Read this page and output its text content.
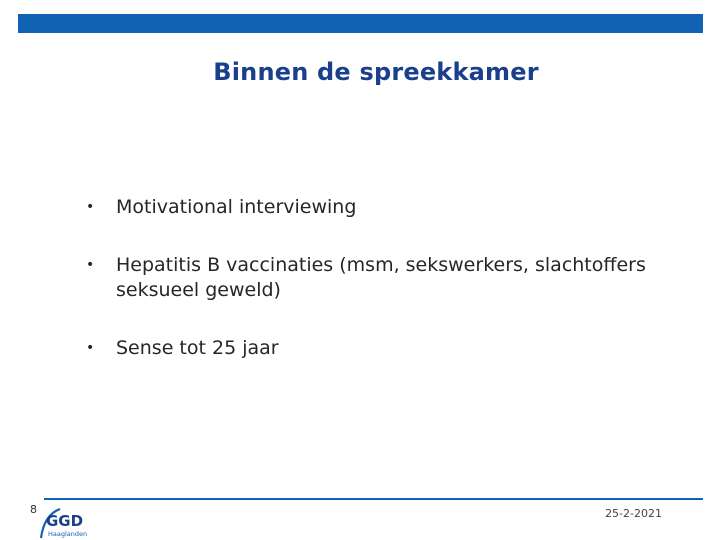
Binnen de spreekkamer
• Motivational interviewing
• Hepatitis B vaccinaties (msm, sekswerkers, slachtoffers seksueel geweld)
• Sense tot 25 jaar
8
GGD
Haaglanden
25-2-2021
